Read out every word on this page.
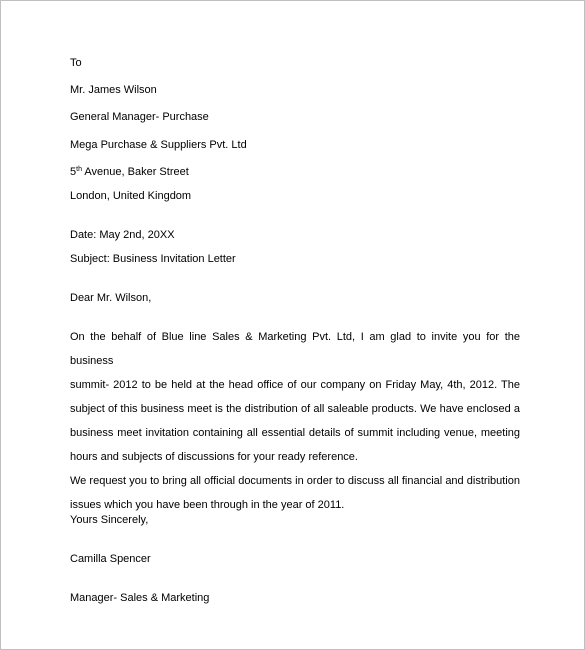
To
Mr. James Wilson
General Manager- Purchase
Mega Purchase & Suppliers Pvt. Ltd
5th Avenue, Baker Street
London, United Kingdom
Date: May 2nd, 20XX
Subject: Business Invitation Letter
Dear Mr. Wilson,
On the behalf of Blue line Sales & Marketing Pvt. Ltd, I am glad to invite you for the business
summit- 2012 to be held at the head office of our company on Friday May, 4th, 2012. The
subject of this business meet is the distribution of all saleable products. We have enclosed a
business meet invitation containing all essential details of summit including venue, meeting
hours and subjects of discussions for your ready reference.
We request you to bring all official documents in order to discuss all financial and distribution
issues which you have been through in the year of 2011.
Yours Sincerely,
Camilla Spencer
Manager- Sales & Marketing
